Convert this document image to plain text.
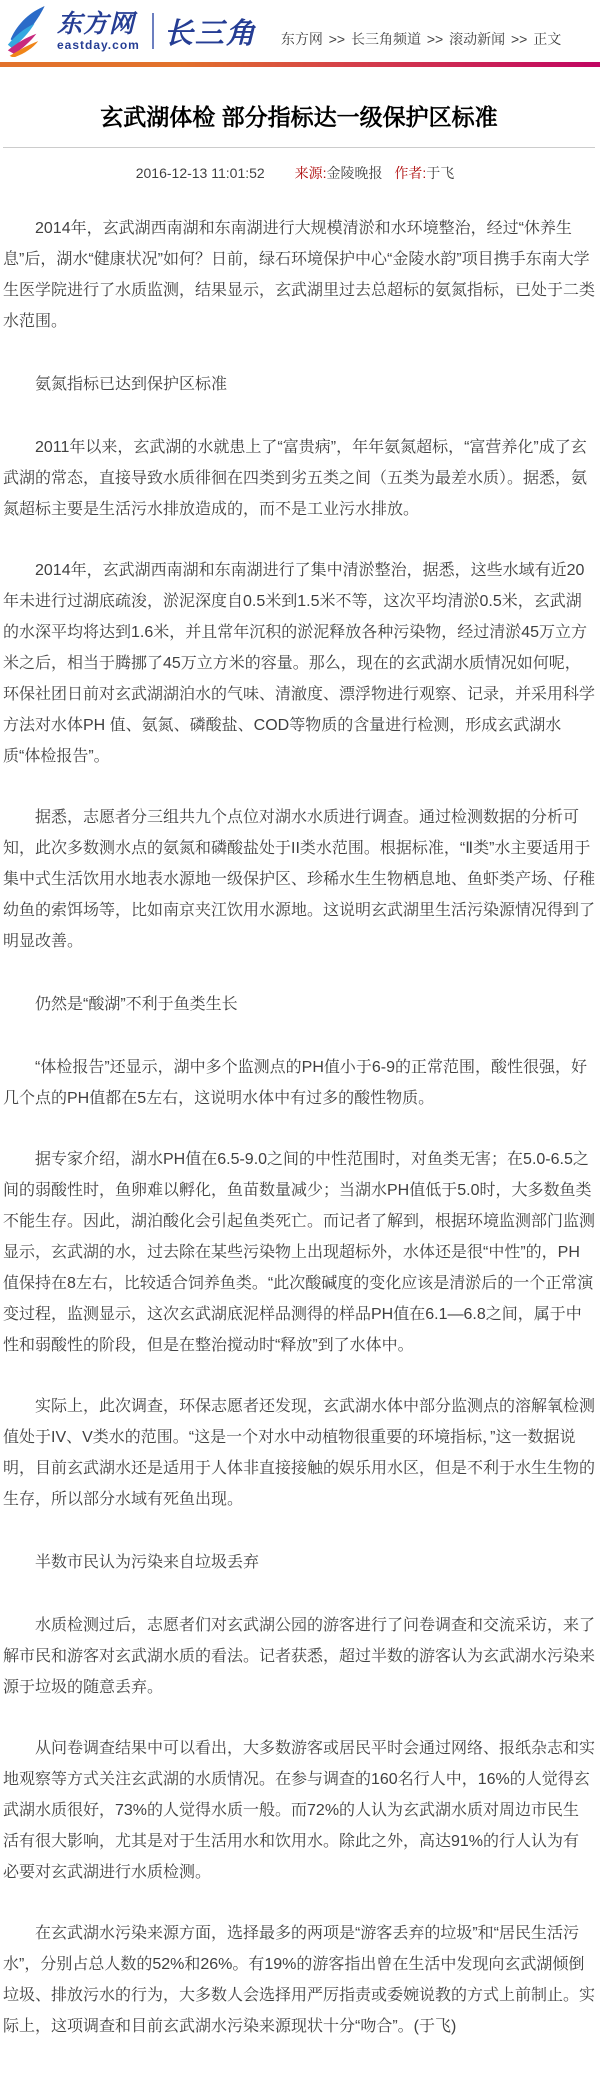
东方网
eastday.com 长三角 东方网 >> 长三角频道 >> 滚动新闻 >> 正文
玄武湖体检 部分指标达一级保护区标准
2016-12-13 11:01:52 来源:金陵晚报 作者:于飞

2014年，玄武湖西南湖和东南湖进行大规模清淤和水环境整治，经过“休养生息”后，湖水“健康状况”如何？日前，绿石环境保护中心“金陵水韵”项目携手东南大学生医学院进行了水质监测，结果显示，玄武湖里过去总超标的氨氮指标，已处于二类水范围。

氨氮指标已达到保护区标准

2011年以来，玄武湖的水就患上了“富贵病”，年年氨氮超标，“富营养化”成了玄武湖的常态，直接导致水质徘徊在四类到劣五类之间（五类为最差水质）。据悉，氨氮超标主要是生活污水排放造成的，而不是工业污水排放。

2014年，玄武湖西南湖和东南湖进行了集中清淤整治，据悉，这些水域有近20年未进行过湖底疏浚，淤泥深度自0.5米到1.5米不等，这次平均清淤0.5米，玄武湖的水深平均将达到1.6米，并且常年沉积的淤泥释放各种污染物，经过清淤45万立方米之后，相当于腾挪了45万立方米的容量。那么，现在的玄武湖水质情况如何呢，环保社团日前对玄武湖湖泊水的气味、清澈度、漂浮物进行观察、记录，并采用科学方法对水体PH 值、氨氮、磷酸盐、COD等物质的含量进行检测，形成玄武湖水质“体检报告”。

据悉，志愿者分三组共九个点位对湖水水质进行调查。通过检测数据的分析可知，此次多数测水点的氨氮和磷酸盐处于II类水范围。根据标准，“Ⅱ类”水主要适用于集中式生活饮用水地表水源地一级保护区、珍稀水生生物栖息地、鱼虾类产场、仔稚幼鱼的索饵场等，比如南京夹江饮用水源地。这说明玄武湖里生活污染源情况得到了明显改善。

仍然是“酸湖”不利于鱼类生长

“体检报告”还显示，湖中多个监测点的PH值小于6-9的正常范围，酸性很强，好几个点的PH值都在5左右，这说明水体中有过多的酸性物质。

据专家介绍，湖水PH值在6.5-9.0之间的中性范围时，对鱼类无害；在5.0-6.5之间的弱酸性时，鱼卵难以孵化，鱼苗数量减少；当湖水PH值低于5.0时，大多数鱼类不能生存。因此，湖泊酸化会引起鱼类死亡。而记者了解到，根据环境监测部门监测显示，玄武湖的水，过去除在某些污染物上出现超标外，水体还是很“中性”的，PH值保持在8左右，比较适合饲养鱼类。“此次酸碱度的变化应该是清淤后的一个正常演变过程，监测显示，这次玄武湖底泥样品测得的样品PH值在6.1—6.8之间，属于中性和弱酸性的阶段，但是在整治搅动时“释放”到了水体中。

实际上，此次调查，环保志愿者还发现，玄武湖水体中部分监测点的溶解氧检测值处于IV、V类水的范围。“这是一个对水中动植物很重要的环境指标，”这一数据说明，目前玄武湖水还是适用于人体非直接接触的娱乐用水区，但是不利于水生生物的生存，所以部分水域有死鱼出现。

半数市民认为污染来自垃圾丢弃

水质检测过后，志愿者们对玄武湖公园的游客进行了问卷调查和交流采访，来了解市民和游客对玄武湖水质的看法。记者获悉，超过半数的游客认为玄武湖水污染来源于垃圾的随意丢弃。

从问卷调查结果中可以看出，大多数游客或居民平时会通过网络、报纸杂志和实地观察等方式关注玄武湖的水质情况。在参与调查的160名行人中，16%的人觉得玄武湖水质很好，73%的人觉得水质一般。而72%的人认为玄武湖水质对周边市民生活有很大影响，尤其是对于生活用水和饮用水。除此之外，高达91%的行人认为有必要对玄武湖进行水质检测。

在玄武湖水污染来源方面，选择最多的两项是“游客丢弃的垃圾”和“居民生活污水”，分别占总人数的52%和26%。有19%的游客指出曾在生活中发现向玄武湖倾倒垃圾、排放污水的行为，大多数人会选择用严厉指责或委婉说教的方式上前制止。实际上，这项调查和目前玄武湖水污染来源现状十分“吻合”。(于飞)
